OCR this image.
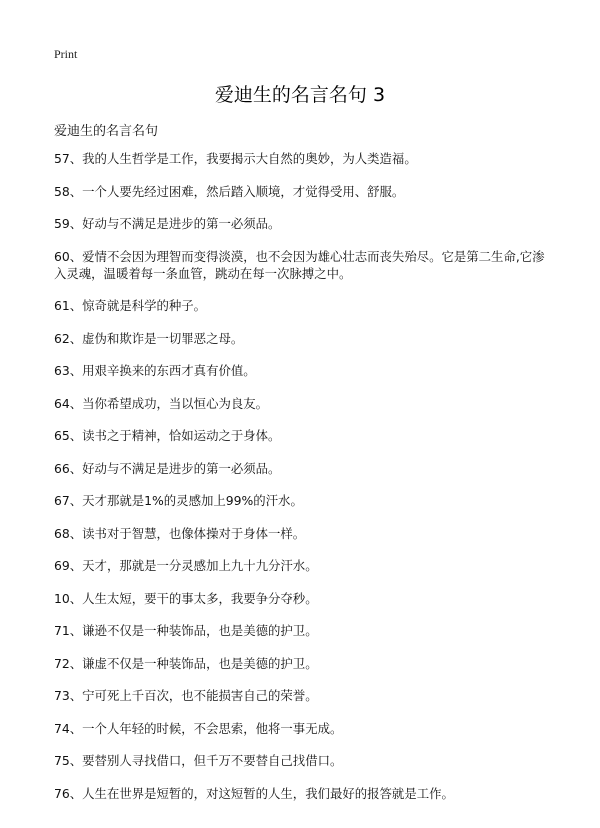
Print
爱迪生的名言名句 3
爱迪生的名言名句
57、我的人生哲学是工作，我要揭示大自然的奥妙，为人类造福。
58、一个人要先经过困难，然后踏入顺境，才觉得受用、舒服。
59、好动与不满足是进步的第一必须品。
60、爱情不会因为理智而变得淡漠，也不会因为雄心壮志而丧失殆尽。它是第二生命,它渗入灵魂，温暖着每一条血管，跳动在每一次脉搏之中。
61、惊奇就是科学的种子。
62、虚伪和欺诈是一切罪恶之母。
63、用艰辛换来的东西才真有价值。
64、当你希望成功，当以恒心为良友。
65、读书之于精神，恰如运动之于身体。
66、好动与不满足是进步的第一必须品。
67、天才那就是1%的灵感加上99%的汗水。
68、读书对于智慧，也像体操对于身体一样。
69、天才，那就是一分灵感加上九十九分汗水。
10、人生太短，要干的事太多，我要争分夺秒。
71、谦逊不仅是一种装饰品，也是美德的护卫。
72、谦虚不仅是一种装饰品，也是美德的护卫。
73、宁可死上千百次，也不能损害自己的荣誉。
74、一个人年轻的时候，不会思索，他将一事无成。
75、要替别人寻找借口，但千万不要替自己找借口。
76、人生在世界是短暂的，对这短暂的人生，我们最好的报答就是工作。
